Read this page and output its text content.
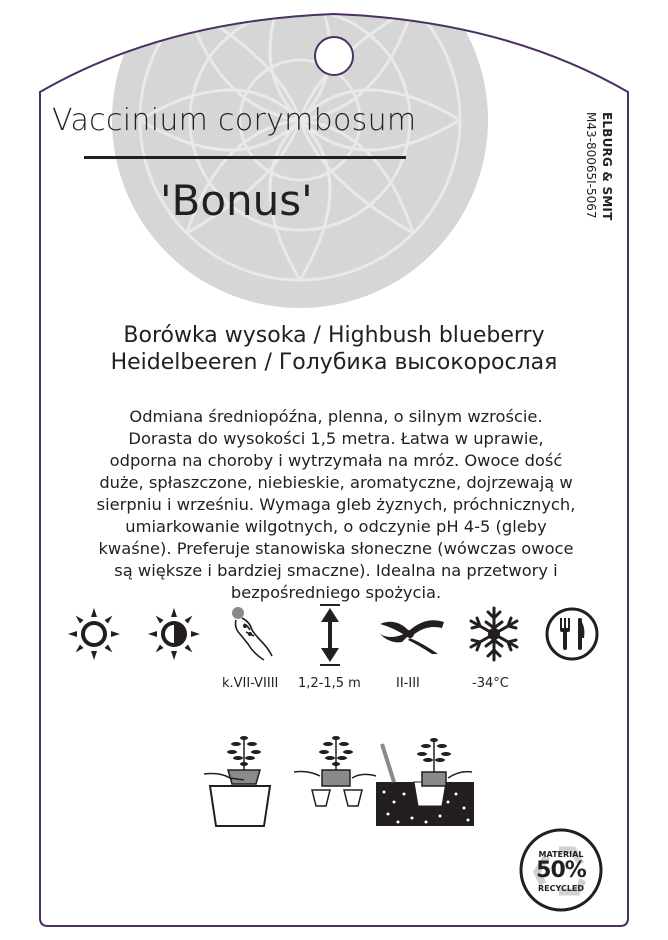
Vaccinium corymbosum
'Bonus'	ELBURG & SMIT
M43-80065I-5067
Borówka wysoka / Highbush blueberry
Heidelbeeren / Голубика высокорослая
Odmiana średniopóźna, plenna, o silnym wzroście. Dorasta do wysokości 1,5 metra. Łatwa w uprawie, odporna na choroby i wytrzymała na mróz. Owoce dość duże, spłaszczone, niebieskie, aromatyczne, dojrzewają w sierpniu i wrześniu. Wymaga gleb żyznych, próchnicznych, umiarkowanie wilgotnych, o odczynie pH 4-5 (gleby kwaśne). Preferuje stanowiska słoneczne (wówczas owoce są większe i bardziej smaczne). Idealna na przetwory i bezpośredniego spożycia.
k.VII-VIIII 1,2-1,5 m	II-III	-34°C
MATERIAL
50%
RECYCLED
